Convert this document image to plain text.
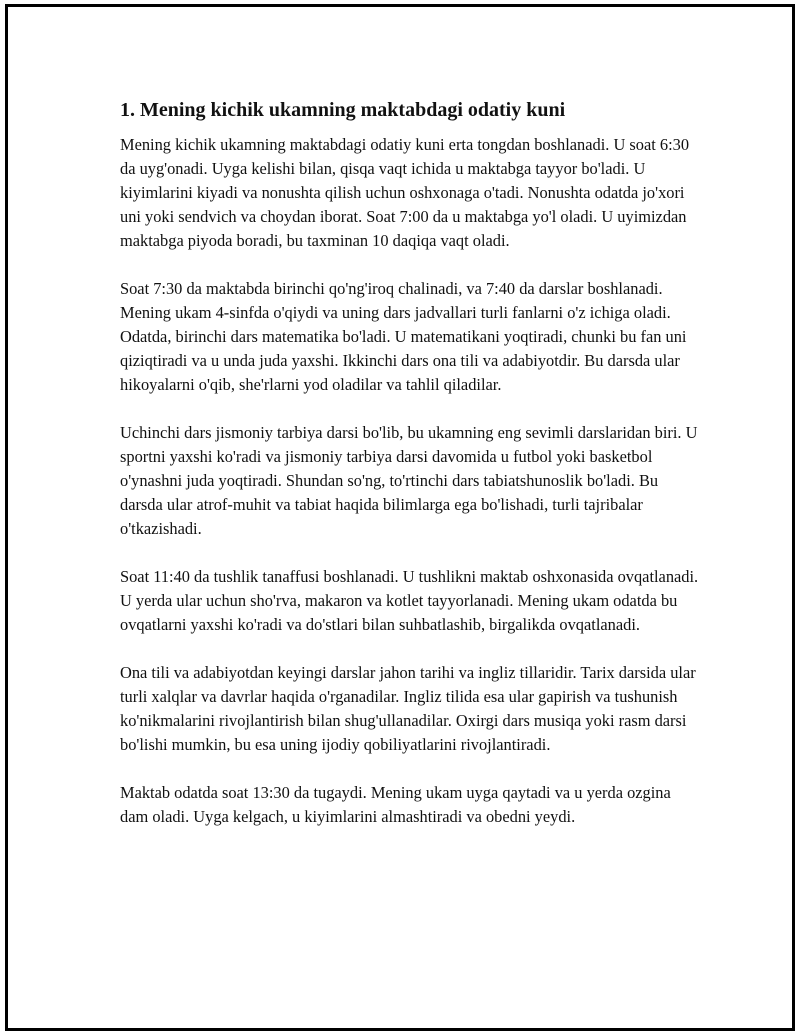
1. Mening kichik ukamning maktabdagi odatiy kuni

Mening kichik ukamning maktabdagi odatiy kuni erta tongdan boshlanadi. U soat 6:30 da uyg'onadi. Uyga kelishi bilan, qisqa vaqt ichida u maktabga tayyor bo'ladi. U kiyimlarini kiyadi va nonushta qilish uchun oshxonaga o'tadi. Nonushta odatda jo'xori uni yoki sendvich va choydan iborat. Soat 7:00 da u maktabga yo'l oladi. U uyimizdan maktabga piyoda boradi, bu taxminan 10 daqiqa vaqt oladi.

Soat 7:30 da maktabda birinchi qo'ng'iroq chalinadi, va 7:40 da darslar boshlanadi. Mening ukam 4-sinfda o'qiydi va uning dars jadvallari turli fanlarni o'z ichiga oladi. Odatda, birinchi dars matematika bo'ladi. U matematikani yoqtiradi, chunki bu fan uni qiziqtiradi va u unda juda yaxshi. Ikkinchi dars ona tili va adabiyotdir. Bu darsda ular hikoyalarni o'qib, she'rlarni yod oladilar va tahlil qiladilar.

Uchinchi dars jismoniy tarbiya darsi bo'lib, bu ukamning eng sevimli darslaridan biri. U sportni yaxshi ko'radi va jismoniy tarbiya darsi davomida u futbol yoki basketbol o'ynashni juda yoqtiradi. Shundan so'ng, to'rtinchi dars tabiatshunoslik bo'ladi. Bu darsda ular atrof-muhit va tabiat haqida bilimlarga ega bo'lishadi, turli tajribalar o'tkazishadi.

Soat 11:40 da tushlik tanaffusi boshlanadi. U tushlikni maktab oshxonasida ovqatlanadi. U yerda ular uchun sho'rva, makaron va kotlet tayyorlanadi. Mening ukam odatda bu ovqatlarni yaxshi ko'radi va do'stlari bilan suhbatlashib, birgalikda ovqatlanadi.

Ona tili va adabiyotdan keyingi darslar jahon tarihi va ingliz tillaridir. Tarix darsida ular turli xalqlar va davrlar haqida o'rganadilar. Ingliz tilida esa ular gapirish va tushunish ko'nikmalarini rivojlantirish bilan shug'ullanadilar. Oxirgi dars musiqa yoki rasm darsi bo'lishi mumkin, bu esa uning ijodiy qobiliyatlarini rivojlantiradi.

Maktab odatda soat 13:30 da tugaydi. Mening ukam uyga qaytadi va u yerda ozgina dam oladi. Uyga kelgach, u kiyimlarini almashtiradi va obedni yeydi.
